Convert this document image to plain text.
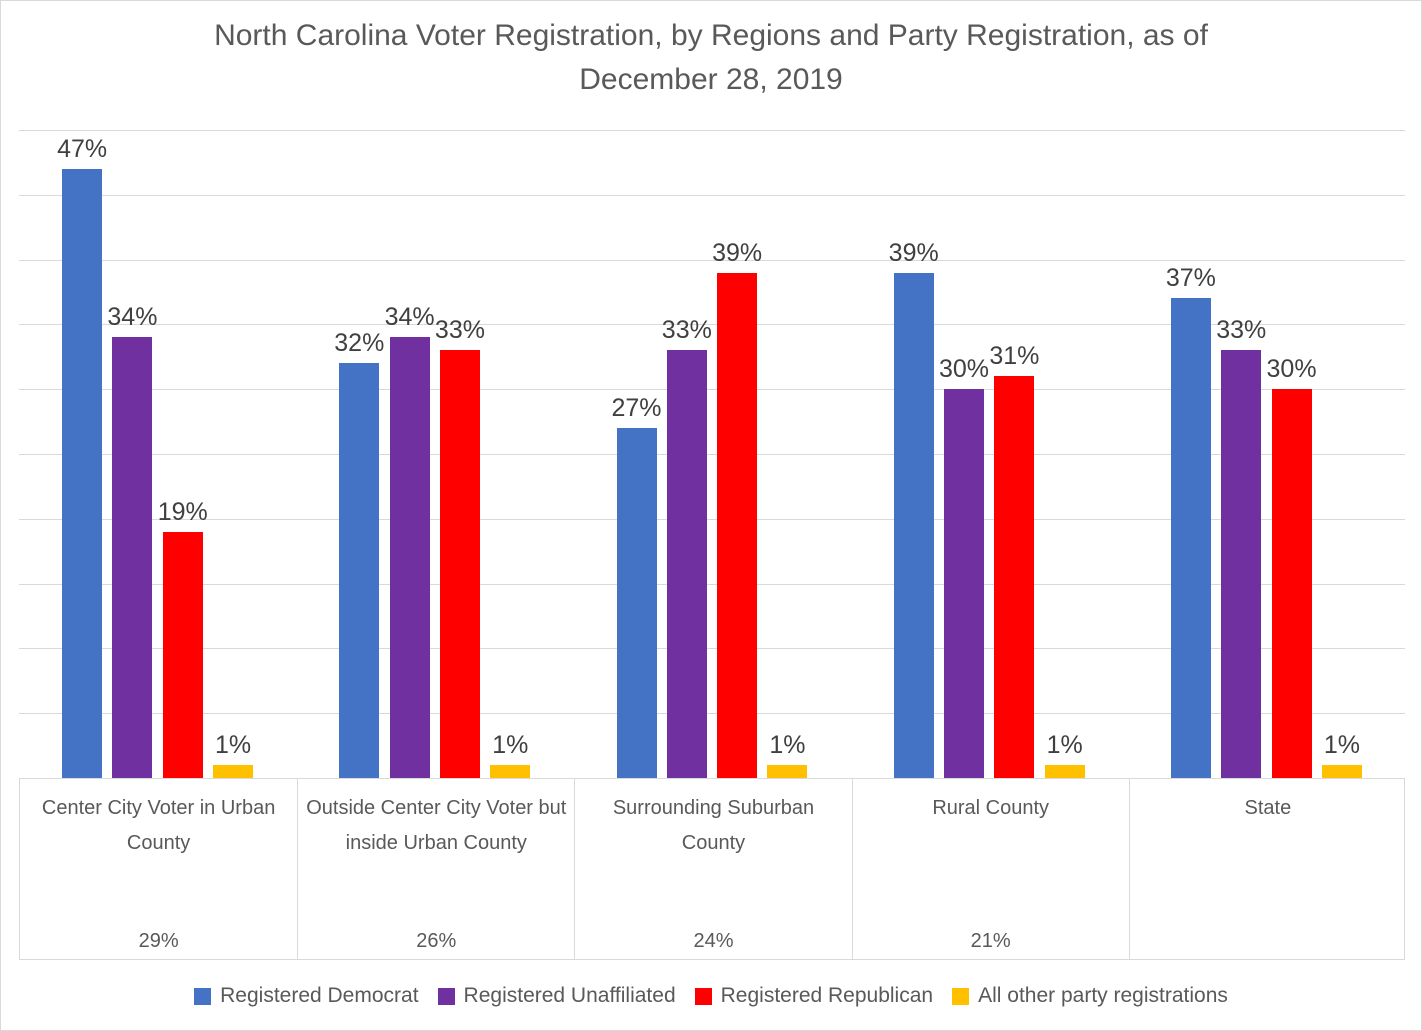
North Carolina Voter Registration, by Regions and Party Registration, as of
December 28, 2019
47%
32%
27%
39%
37%
34%	34%	33%
30%
33%
19%
33%
39%
31%	30%
1%	1%	1%	1%	1%
Center City Voter in Urban County
29%
Outside Center City Voter but inside Urban County
26%
Surrounding Suburban County
24%
Rural County
21%
State
Registered Democrat Registered Unaffiliated Registered Republican All other party registrations
